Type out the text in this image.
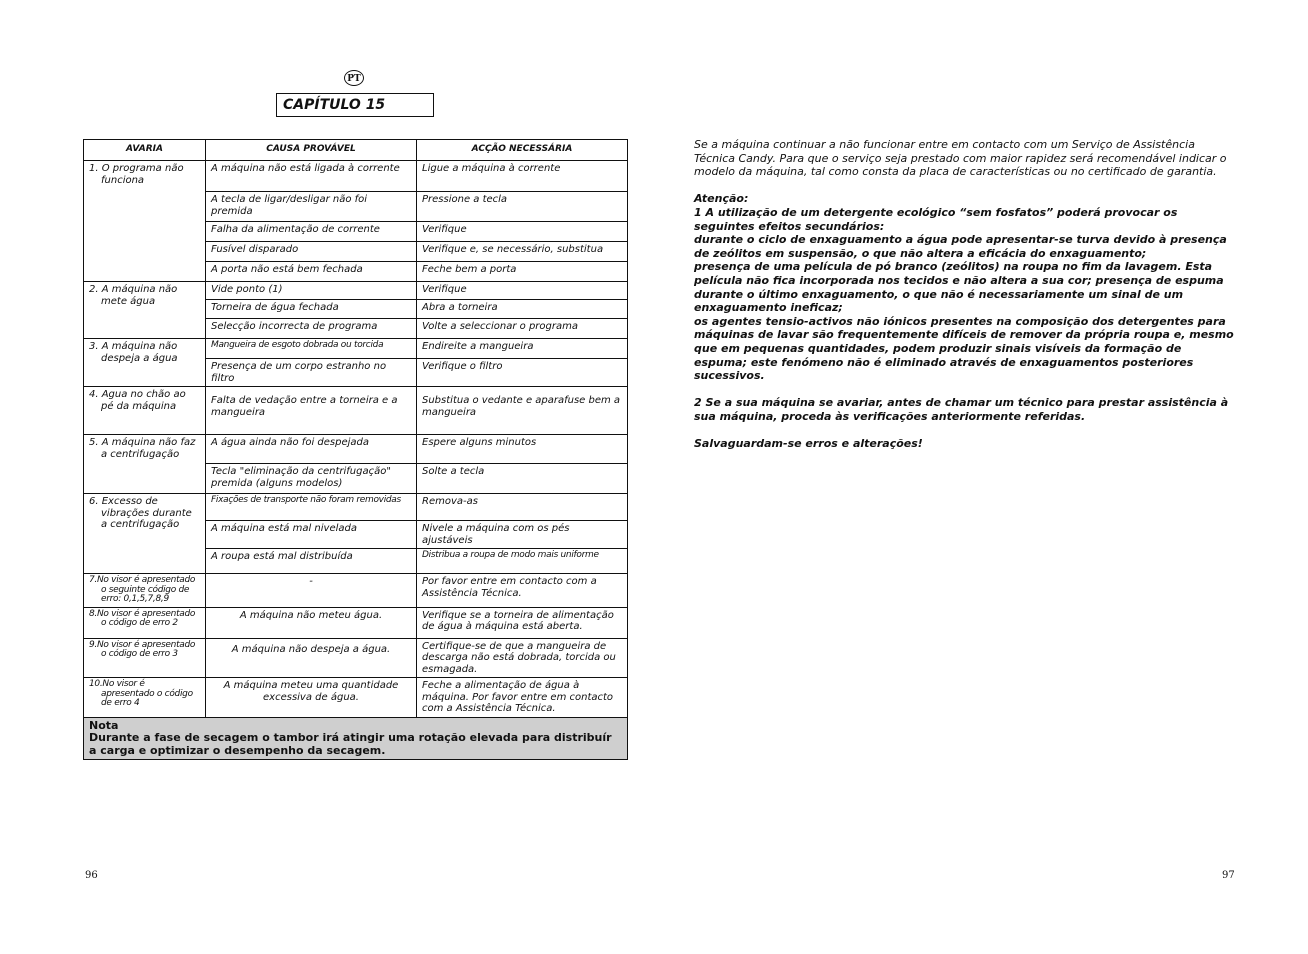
PT
CAPÍTULO 15
AVARIA	CAUSA PROVÁVEL	ACÇÃO NECESSÁRIA

1. O programa não funciona	A máquina não está ligada à corrente	Ligue a máquina à corrente
	A tecla de ligar/desligar não foi premida	Pressione a tecla
	Falha da alimentação de corrente	Verifique
	Fusível disparado	Verifique e, se necessário, substitua
	A porta não está bem fechada	Feche bem a porta

2. A máquina não mete água	Vide ponto (1)	Verifique
	Torneira de água fechada	Abra a torneira
	Selecção incorrecta de programa	Volte a seleccionar o programa

3. A máquina não despeja a água	Mangueira de esgoto dobrada ou torcida	Endireite a mangueira
	Presença de um corpo estranho no filtro	Verifique o filtro

4. Agua no chão ao pé da máquina	Falta de vedação entre a torneira e a mangueira	Substitua o vedante e aparafuse bem a mangueira

5. A máquina não faz a centrifugação	A água ainda não foi despejada	Espere alguns minutos
	Tecla "eliminação da centrifugação" premida (alguns modelos)	Solte a tecla

6. Excesso de vibrações durante a centrifugação	Fixações de transporte não foram removidas	Remova-as
	A máquina está mal nivelada	Nivele a máquina com os pés ajustáveis
	A roupa está mal distribuída	Distribua a roupa de modo mais uniforme

7.No visor é apresentado o seguinte código de erro: 0,1,5,7,8,9	-	Por favor entre em contacto com a Assistência Técnica.

8.No visor é apresentado o código de erro 2	A máquina não meteu água.	Verifique se a torneira de alimentação de água à máquina está aberta.

9.No visor é apresentado o código de erro 3	A máquina não despeja a água.	Certifique-se de que a mangueira de descarga não está dobrada, torcida ou esmagada.

10.No visor é apresentado o código de erro 4	A máquina meteu uma quantidade excessiva de água.	Feche a alimentação de água à máquina. Por favor entre em contacto com a Assistência Técnica.

Nota
Durante a fase de secagem o tambor irá atingir uma rotação elevada para distribuír a carga e optimizar o desempenho da secagem.		

Se a máquina continuar a não funcionar entre em contacto com um Serviço de Assistência Técnica Candy. Para que o serviço seja prestado com maior rapidez será recomendável indicar o modelo da máquina, tal como consta da placa de características ou no certificado de garantia.

Atenção:
1 A utilização de um detergente ecológico “sem fosfatos” poderá provocar os seguintes efeitos secundários:
durante o ciclo de enxaguamento a água pode apresentar-se turva devido à presença de zeólitos em suspensão, o que não altera a eficácia do enxaguamento;
presença de uma película de pó branco (zeólitos) na roupa no fim da lavagem. Esta película não fica incorporada nos tecidos e não altera a sua cor; presença de espuma durante o último enxaguamento, o que não é necessariamente um sinal de um enxaguamento ineficaz;

os agentes tensio-activos não iónicos presentes na composição dos detergentes para máquinas de lavar são frequentemente difíceis de remover da própria roupa e, mesmo que em pequenas quantidades, podem produzir sinais visíveis da formação de espuma; este fenómeno não é eliminado através de enxaguamentos posteriores sucessivos.

2 Se a sua máquina se avariar, antes de chamar um técnico para prestar assistência à sua máquina, proceda às verificações anteriormente referidas.

Salvaguardam-se erros e alterações!

96	97
